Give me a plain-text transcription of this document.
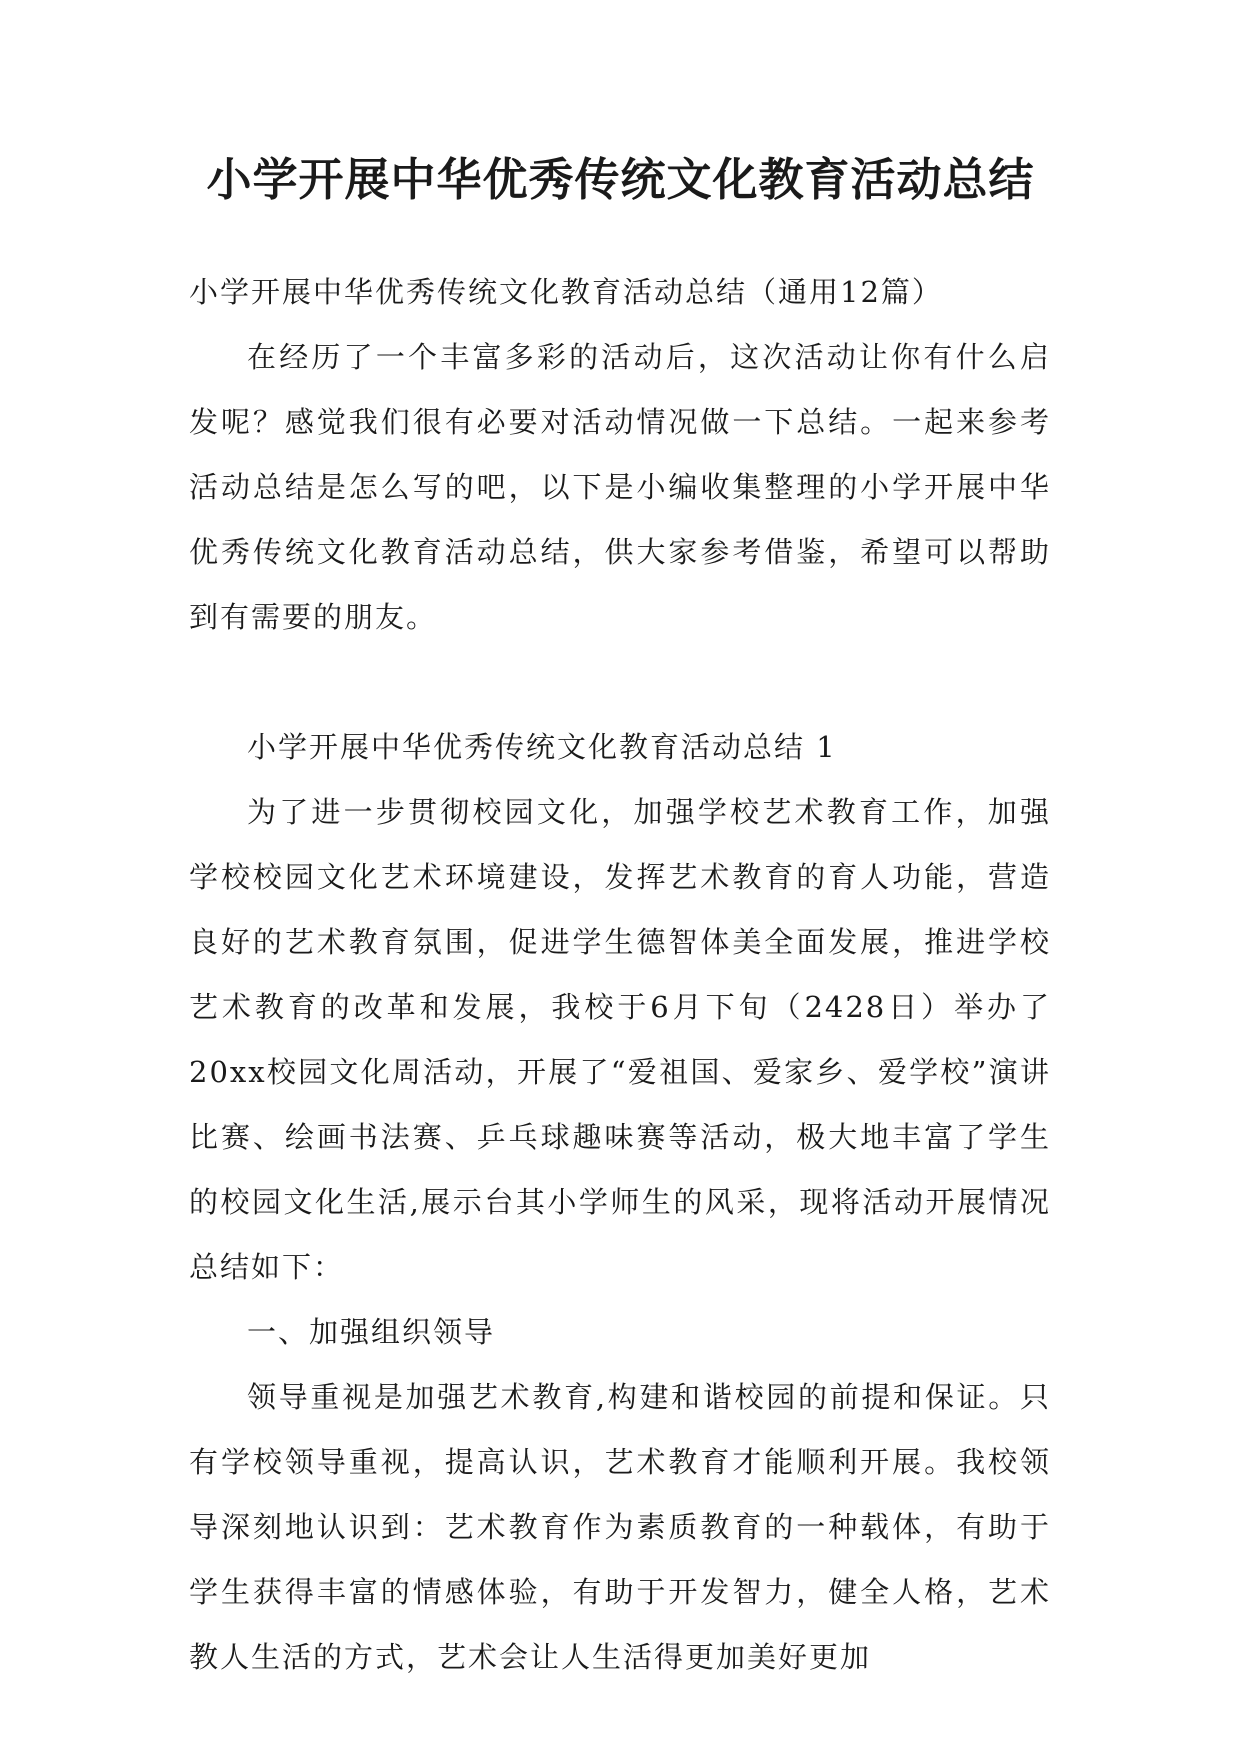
小学开展中华优秀传统文化教育活动总结

小学开展中华优秀传统文化教育活动总结（通用12篇）

在经历了一个丰富多彩的活动后，这次活动让你有什么启发呢？感觉我们很有必要对活动情况做一下总结。一起来参考活动总结是怎么写的吧，以下是小编收集整理的小学开展中华优秀传统文化教育活动总结，供大家参考借鉴，希望可以帮助到有需要的朋友。

小学开展中华优秀传统文化教育活动总结 1

为了进一步贯彻校园文化，加强学校艺术教育工作，加强学校校园文化艺术环境建设，发挥艺术教育的育人功能，营造良好的艺术教育氛围，促进学生德智体美全面发展，推进学校艺术教育的改革和发展，我校于6月下旬（2428日）举办了20xx校园文化周活动，开展了“爱祖国、爱家乡、爱学校”演讲比赛、绘画书法赛、乒乓球趣味赛等活动，极大地丰富了学生的校园文化生活,展示台其小学师生的风采，现将活动开展情况总结如下：

一、加强组织领导

领导重视是加强艺术教育,构建和谐校园的前提和保证。只有学校领导重视，提高认识，艺术教育才能顺利开展。我校领导深刻地认识到：艺术教育作为素质教育的一种载体，有助于学生获得丰富的情感体验，有助于开发智力，健全人格，艺术教人生活的方式，艺术会让人生活得更加美好更加
